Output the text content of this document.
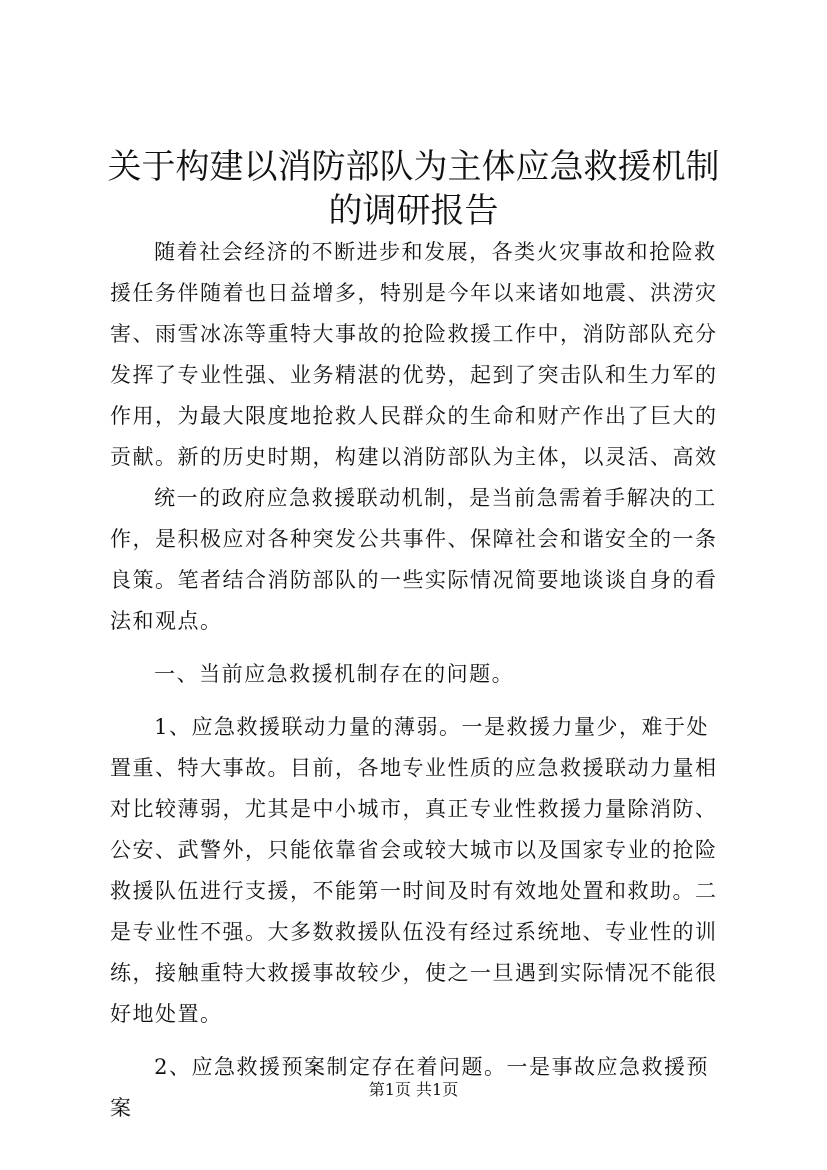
关于构建以消防部队为主体应急救援机制的调研报告

随着社会经济的不断进步和发展，各类火灾事故和抢险救援任务伴随着也日益增多，特别是今年以来诸如地震、洪涝灾害、雨雪冰冻等重特大事故的抢险救援工作中，消防部队充分发挥了专业性强、业务精湛的优势，起到了突击队和生力军的作用，为最大限度地抢救人民群众的生命和财产作出了巨大的贡献。新的历史时期，构建以消防部队为主体，以灵活、高效

统一的政府应急救援联动机制，是当前急需着手解决的工作，是积极应对各种突发公共事件、保障社会和谐安全的一条良策。笔者结合消防部队的一些实际情况简要地谈谈自身的看法和观点。

一、当前应急救援机制存在的问题。

1、应急救援联动力量的薄弱。一是救援力量少，难于处置重、特大事故。目前，各地专业性质的应急救援联动力量相对比较薄弱，尤其是中小城市，真正专业性救援力量除消防、公安、武警外，只能依靠省会或较大城市以及国家专业的抢险救援队伍进行支援，不能第一时间及时有效地处置和救助。二是专业性不强。大多数救援队伍没有经过系统地、专业性的训练，接触重特大救援事故较少，使之一旦遇到实际情况不能很好地处置。

2、应急救援预案制定存在着问题。一是事故应急救援预案

第1页 共1页
